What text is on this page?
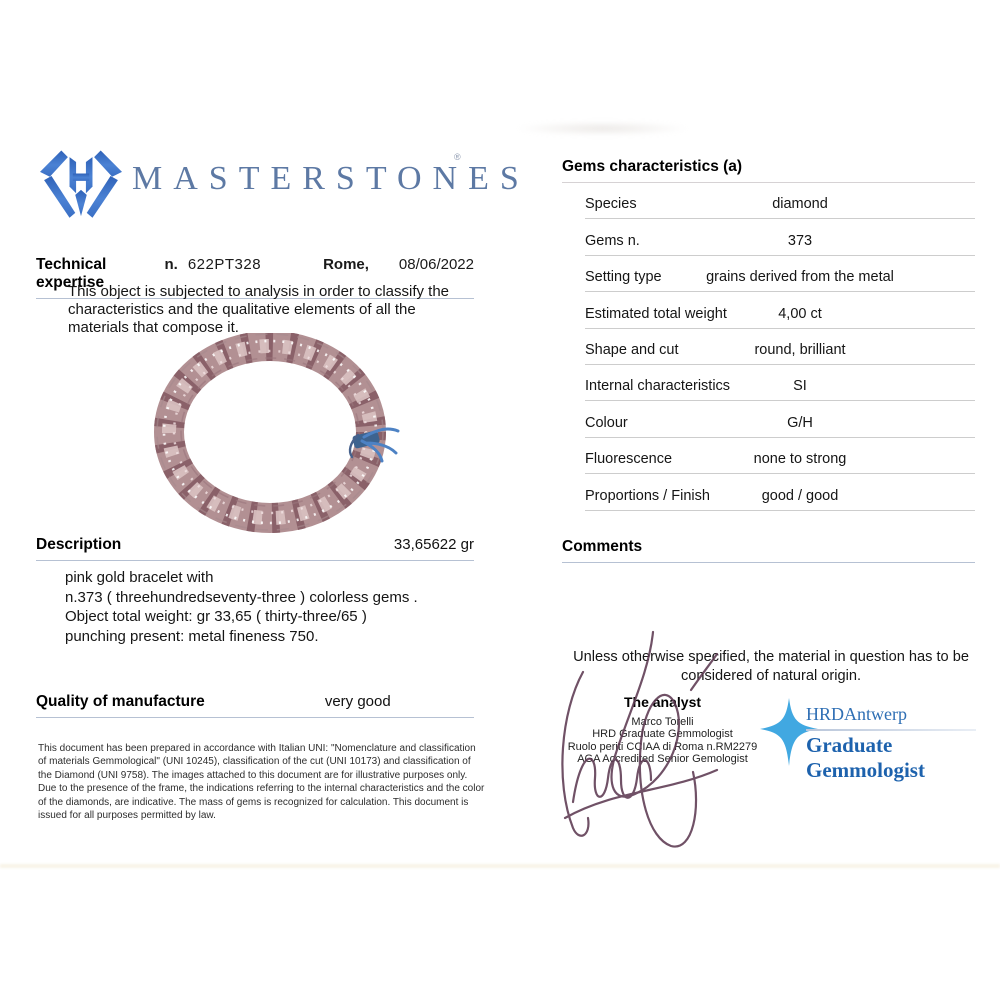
MASTERSTONES
®
Technical expertise
n. 622PT328	Rome, 08/06/2022
This object is subjected to analysis in order to classify the characteristics and the qualitative elements of all the materials that compose it.
Description	33,65622 gr
pink gold bracelet with
n.373 ( threehundredseventy-three ) colorless gems .
Object total weight: gr 33,65 ( thirty-three/65 )
punching present: metal fineness 750.
Quality of manufacture	very good
This document has been prepared in accordance with Italian UNI: "Nomenclature and classification of materials Gemmological" (UNI 10245), classification of the cut (UNI 10173) and classification of the Diamond (UNI 9758). The images attached to this document are for illustrative purposes only. Due to the presence of the frame, the indications referring to the internal characteristics and the color of the diamonds, are indicative. The mass of gems is recognized for calculation. This document is issued for all purposes permitted by law.
Gems characteristics (a)
Species	diamond
Gems n.	373
Setting type	grains derived from the metal
Estimated total weight	4,00 ct
Shape and cut	round, brilliant
Internal characteristics	SI
Colour	G/H
Fluorescence	none to strong
Proportions / Finish	good / good
Comments
Unless otherwise specified, the material in question has to be considered of natural origin.
The analyst
Marco Torelli
HRD Graduate Gemmologist
Ruolo periti CCIAA di Roma n.RM2279
AGA Accredited Senior Gemologist
HRDAntwerp
Graduate Gemmologist
